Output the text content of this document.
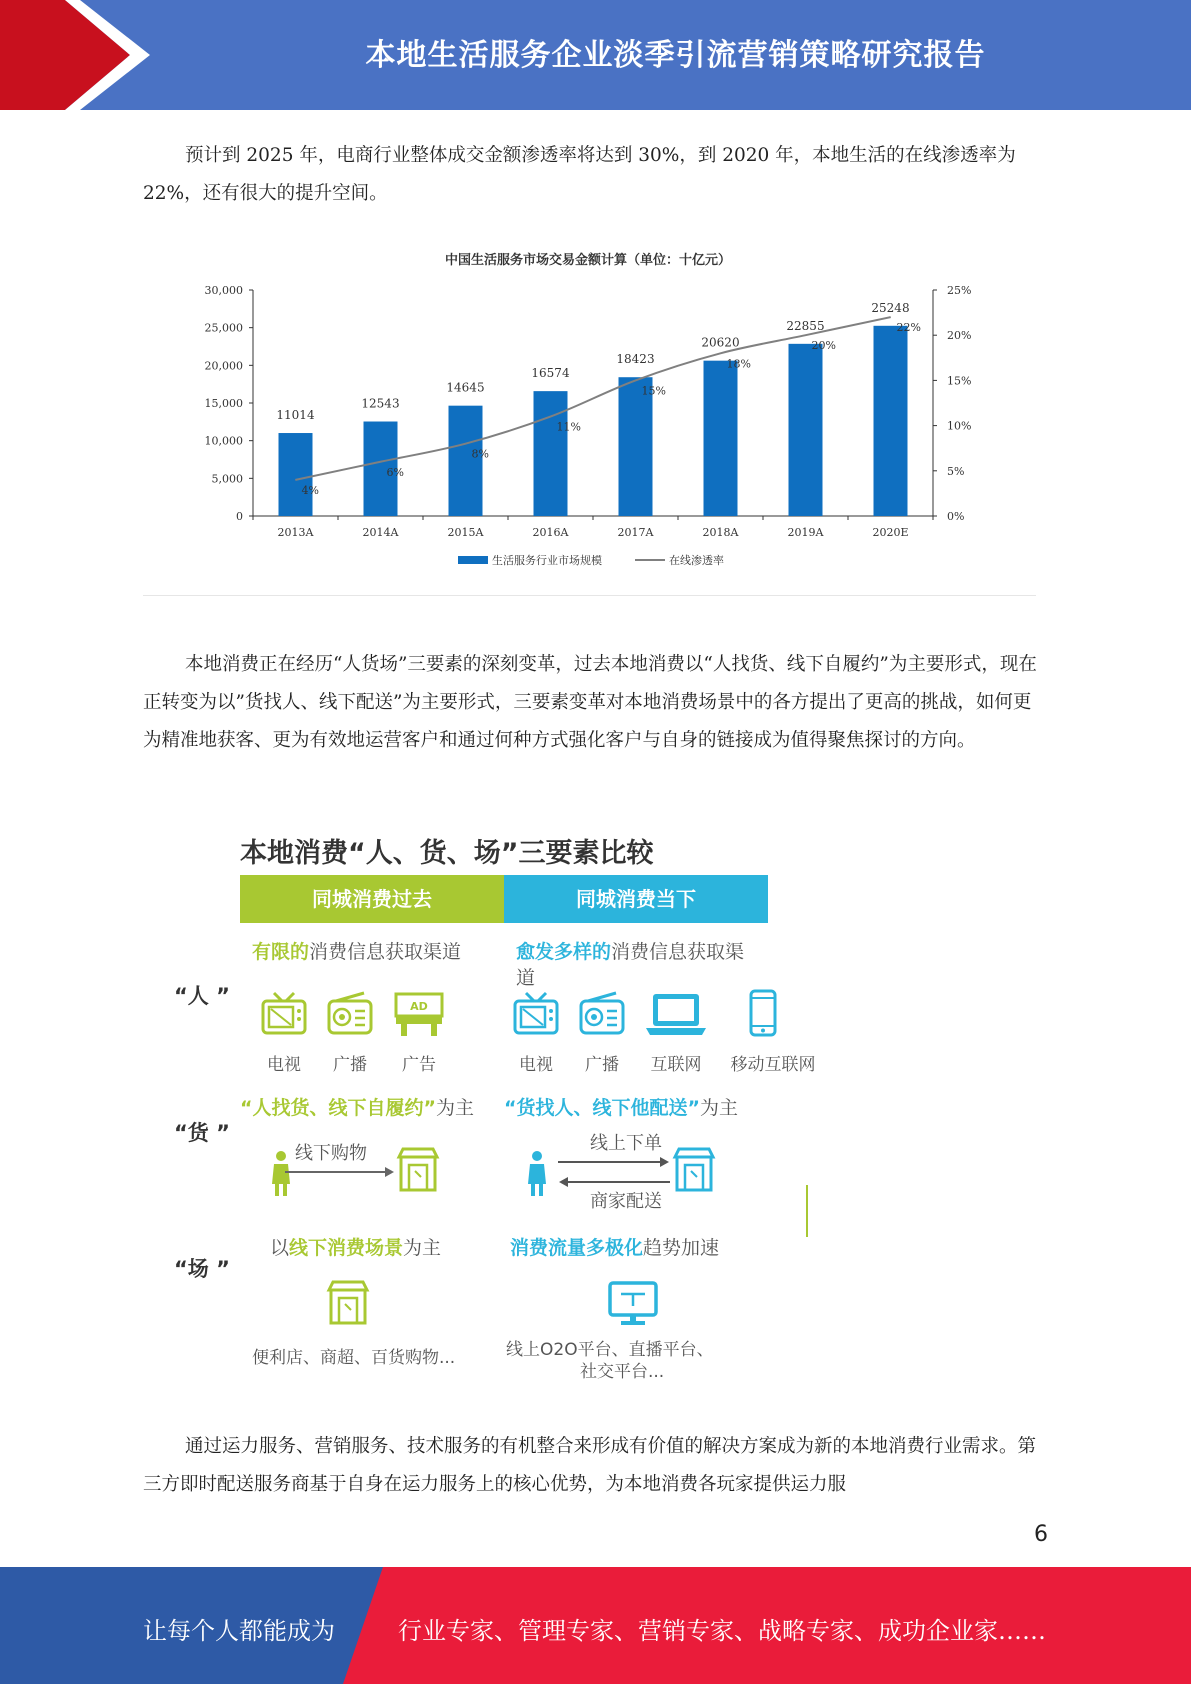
本地生活服务企业淡季引流营销策略研究报告

预计到 2025 年，电商行业整体成交金额渗透率将达到 30%，到 2020 年，本地生活的在线渗透率为 22%，还有很大的提升空间。

中国生活服务市场交易金额计算（单位：十亿元）
0
5,000
10,000
15,000
20,000
25,000
30,000
0%
5%
10%
15%
20%
25%
2013A
11014
2014A
12543
2015A
14645
2016A
16574
2017A
18423
2018A
20620
2019A
22855
2020E
25248
4%
6%
8%
11%
15%
18%
20%
22%
生活服务行业市场规模	在线渗透率

本地消费正在经历“人货场”三要素的深刻变革，过去本地消费以“人找货、线下自履约”为主要形式，现在正转变为以”货找人、线下配送”为主要形式，三要素变革对本地消费场景中的各方提出了更高的挑战，如何更为精准地获客、更为有效地运营客户和通过何种方式强化客户与自身的链接成为值得聚焦探讨的方向。

本地消费“人、货、场”三要素比较
同城消费过去	同城消费当下
“人 ”
“货 ”
“场 ”
有限的消费信息获取渠道	愈发多样的消费信息获取渠道
电视	广播
AD
广告	电视	广播	互联网	移动互联网
“人找货、线下自履约”为主 “货找人、线下他配送”为主
线下购物	线上下单
商家配送
以线下消费场景为主	消费流量多极化趋势加速
便利店、商超、百货购物...	线上O2O平台、直播平台、
社交平台...

通过运力服务、营销服务、技术服务的有机整合来形成有价值的解决方案成为新的本地消费行业需求。第三方即时配送服务商基于自身在运力服务上的核心优势，为本地消费各玩家提供运力服

6
让每个人都能成为	行业专家、管理专家、营销专家、战略专家、成功企业家……
